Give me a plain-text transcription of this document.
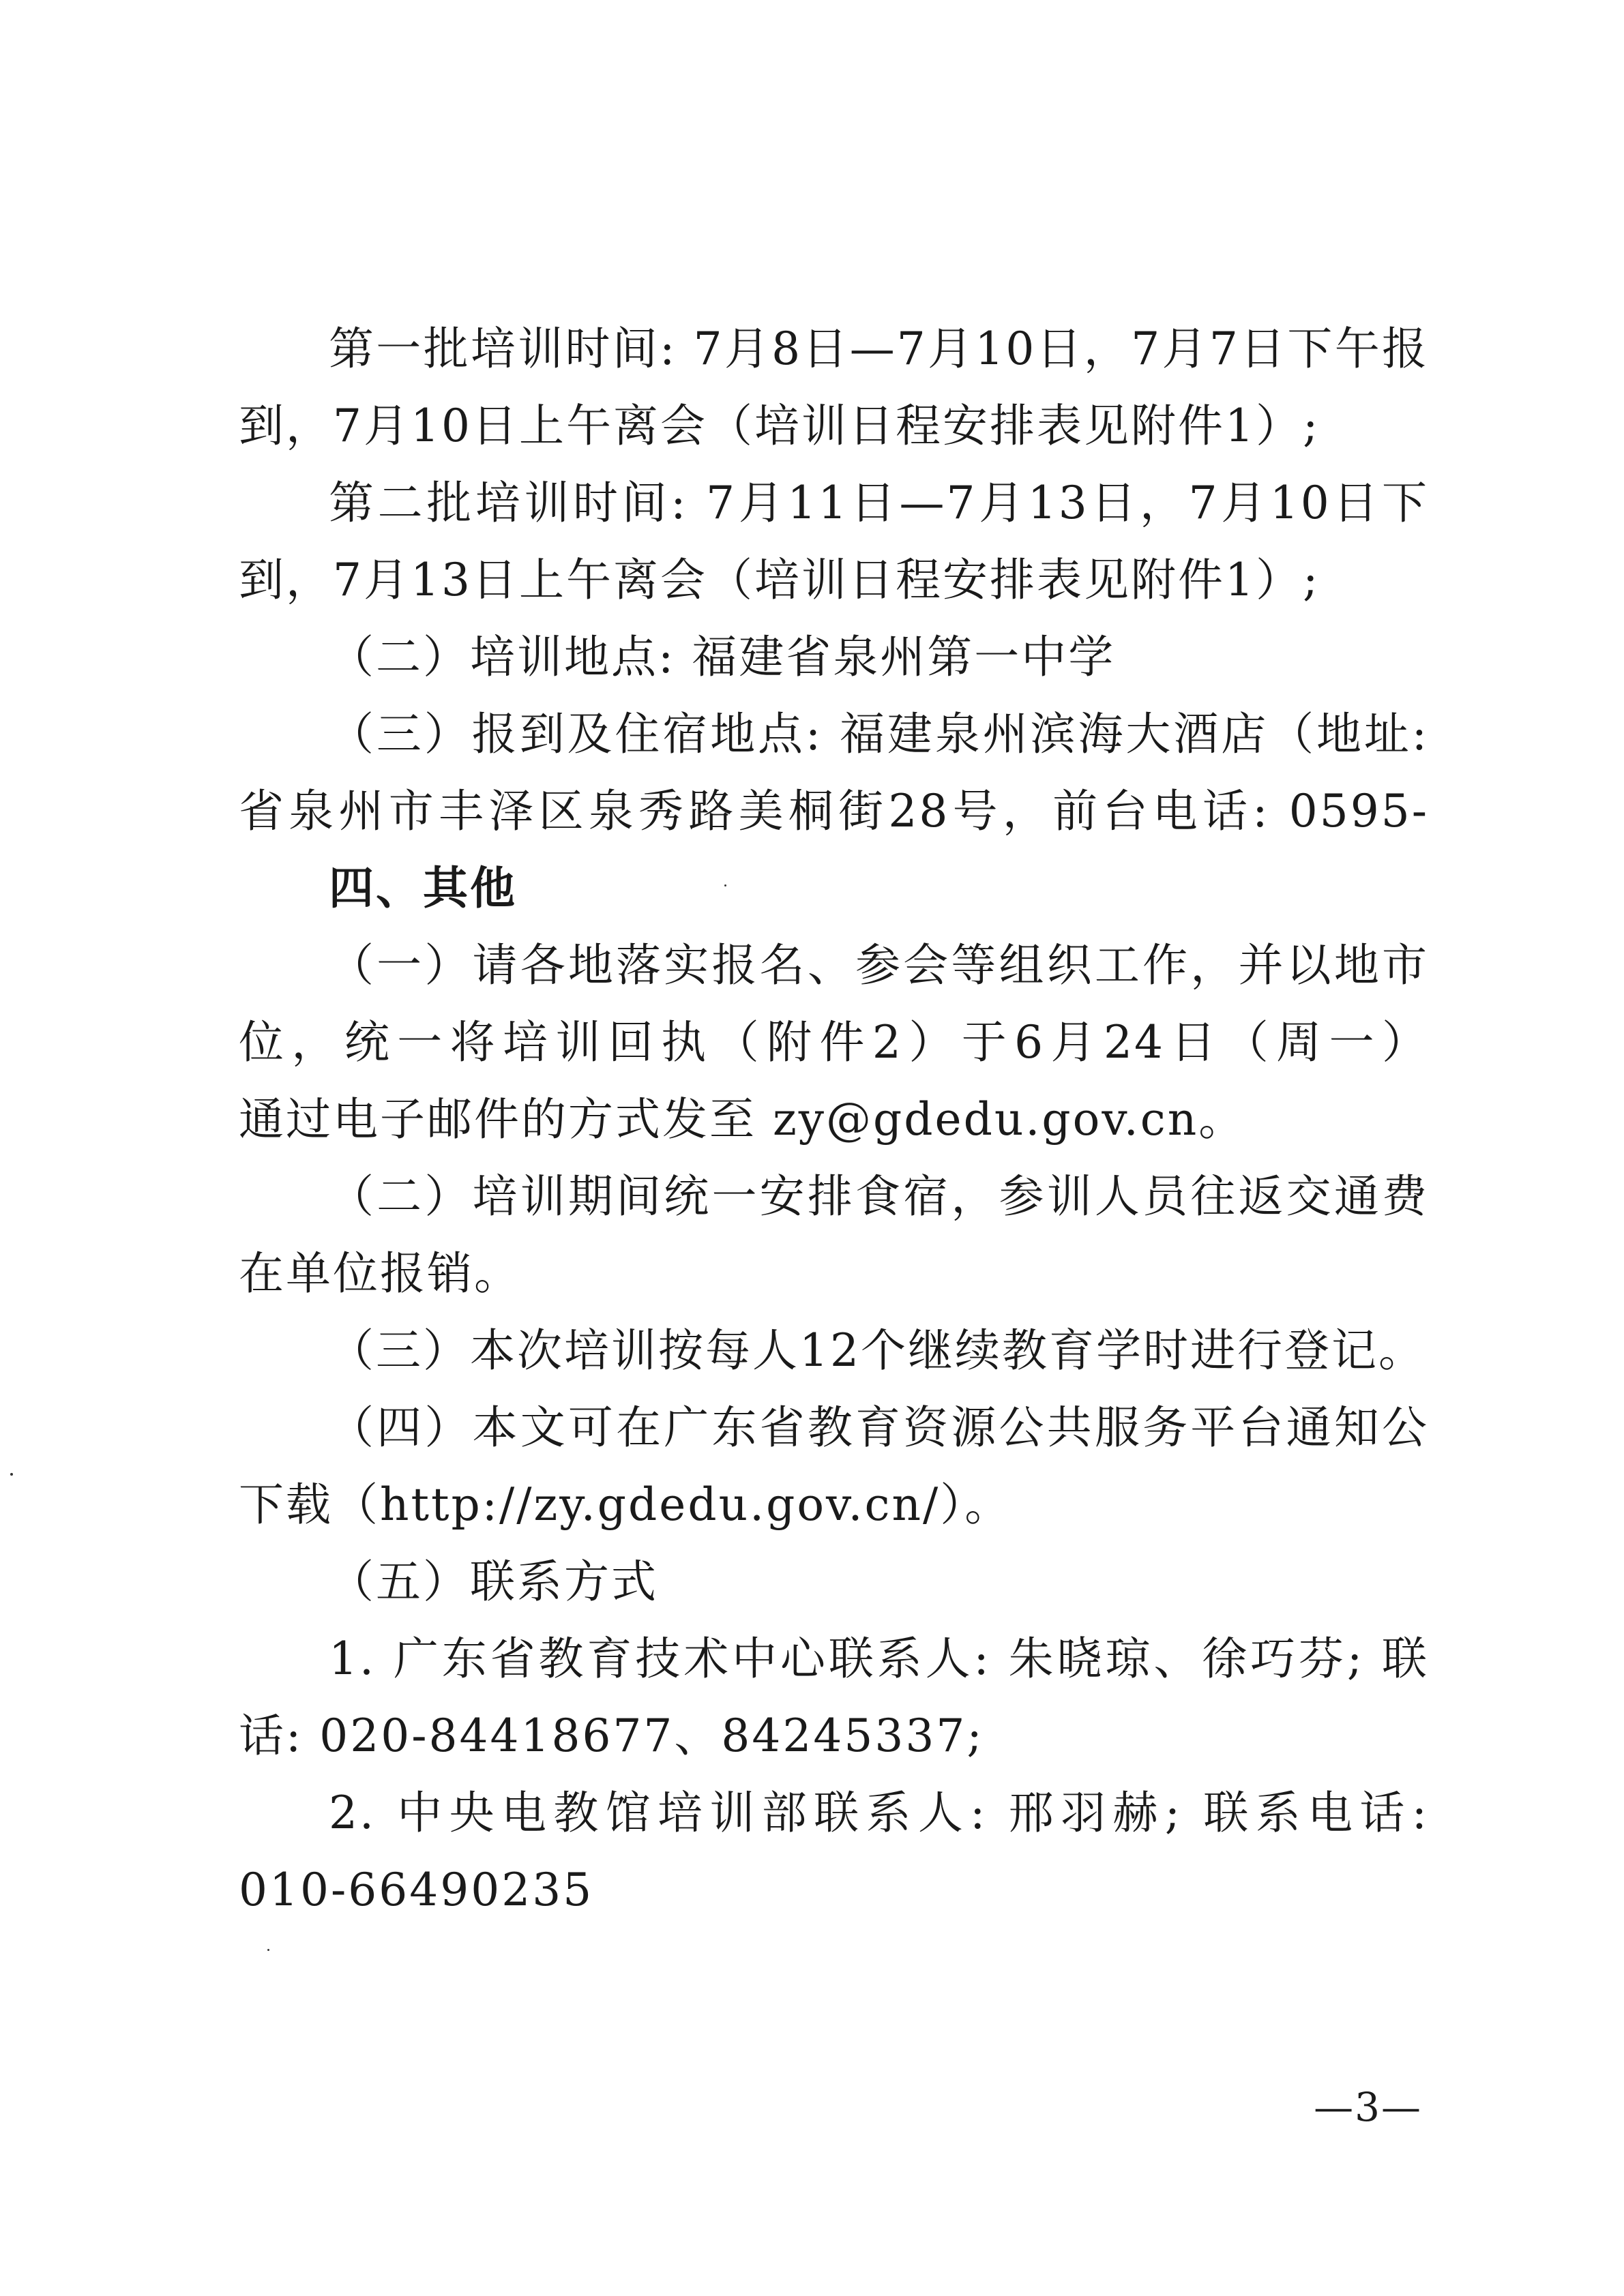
第一批培训时间: 7月8日—7月10日，7月7日下午报
到，7月10日上午离会（培训日程安排表见附件1）;
第二批培训时间: 7月11日—7月13日，7月10日下
到，7月13日上午离会（培训日程安排表见附件1）;
（二）培训地点: 福建省泉州第一中学
（三）报到及住宿地点: 福建泉州滨海大酒店（地址:
省泉州市丰泽区泉秀路美桐街28号，前台电话: 0595-
四、其他
（一）请各地落实报名、参会等组织工作，并以地市
位，统一将培训回执（附件2）于6月24日（周一）
通过电子邮件的方式发至 zy@gdedu.gov.cn。
（二）培训期间统一安排食宿，参训人员往返交通费
在单位报销。
（三）本次培训按每人12个继续教育学时进行登记。
（四）本文可在广东省教育资源公共服务平台通知公
下载（http://zy.gdedu.gov.cn/）。
（五）联系方式
1. 广东省教育技术中心联系人: 朱晓琼、徐巧芬; 联
话: 020-84418677、84245337;
2. 中央电教馆培训部联系人: 邢羽赫; 联系电话:
010-66490235
—3—
